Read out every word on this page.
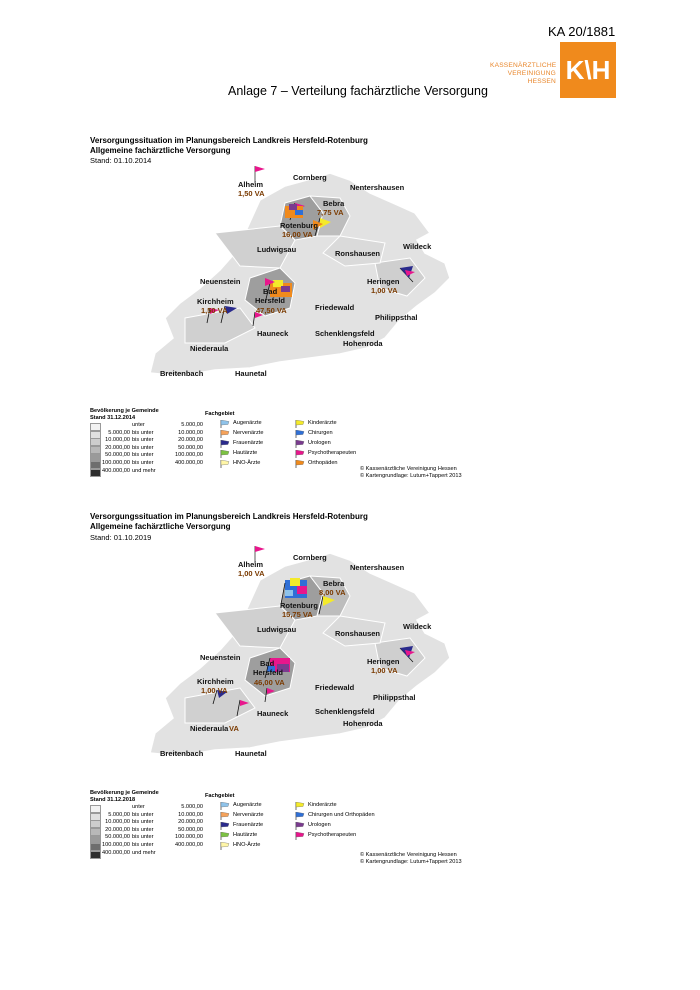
KA 20/1881
KASSENÄRZTLICHE
VEREINIGUNG
HESSEN K\H
Anlage 7 – Verteilung fachärztliche Versorgung
Versorgungssituation im Planungsbereich Landkreis Hersfeld-Rotenburg
Allgemeine fachärztliche Versorgung
Stand: 01.10.2014
Alheim
1,50 VA
Cornberg
Nentershausen
Bebra
7,75 VA
Rotenburg
16,00 VA
Ludwigsau	Ronshausen
Wildeck
Neuenstein	Heringen
1,00 VA
Bad
Hersfeld
47,50 VA
Kirchheim
1,50 VA	Friedewald
Philippsthal
Hauneck	Schenklengsfeld
Hohenroda
Niederaula
Breitenbach	Haunetal
Bevölkerung je Gemeinde
Stand 31.12.2014
Fachgebiet
unter	5.000,00
5.000,00 bis unter	10.000,00
10.000,00 bis unter	20.000,00
20.000,00 bis unter	50.000,00
50.000,00 bis unter	100.000,00
100.000,00 bis unter	400.000,00
400.000,00 und mehr
Augenärzte
Nervenärzte
Frauenärzte
Hautärzte
HNO-Ärzte
Kinderärzte
Chirurgen
Urologen
Psychotherapeuten
Orthopäden
© Kassenärztliche Vereinigung Hessen
© Kartengrundlage: Lutum+Tappert 2013
Versorgungssituation im Planungsbereich Landkreis Hersfeld-Rotenburg
Allgemeine fachärztliche Versorgung
Stand: 01.10.2019
Alheim
1,00 VA
Cornberg
Nentershausen
Bebra
8,00 VA
Rotenburg
15,75 VA
Ludwigsau	Ronshausen
Wildeck
Neuenstein	Heringen
1,00 VA
Bad
Hersfeld
46,00 VA
Kirchheim
1,00 VA	Friedewald
Philippsthal
Hauneck	Schenklengsfeld
Hohenroda
Niederaula VA
Breitenbach	Haunetal
Bevölkerung je Gemeinde
Stand 31.12.2018
Fachgebiet
unter	5.000,00
5.000,00 bis unter	10.000,00
10.000,00 bis unter	20.000,00
20.000,00 bis unter	50.000,00
50.000,00 bis unter	100.000,00
100.000,00 bis unter	400.000,00
400.000,00 und mehr
Augenärzte
Nervenärzte
Frauenärzte
Hautärzte
HNO-Ärzte
Kinderärzte
Chirurgen und Orthopäden
Urologen
Psychotherapeuten
© Kassenärztliche Vereinigung Hessen
© Kartengrundlage: Lutum+Tappert 2013
